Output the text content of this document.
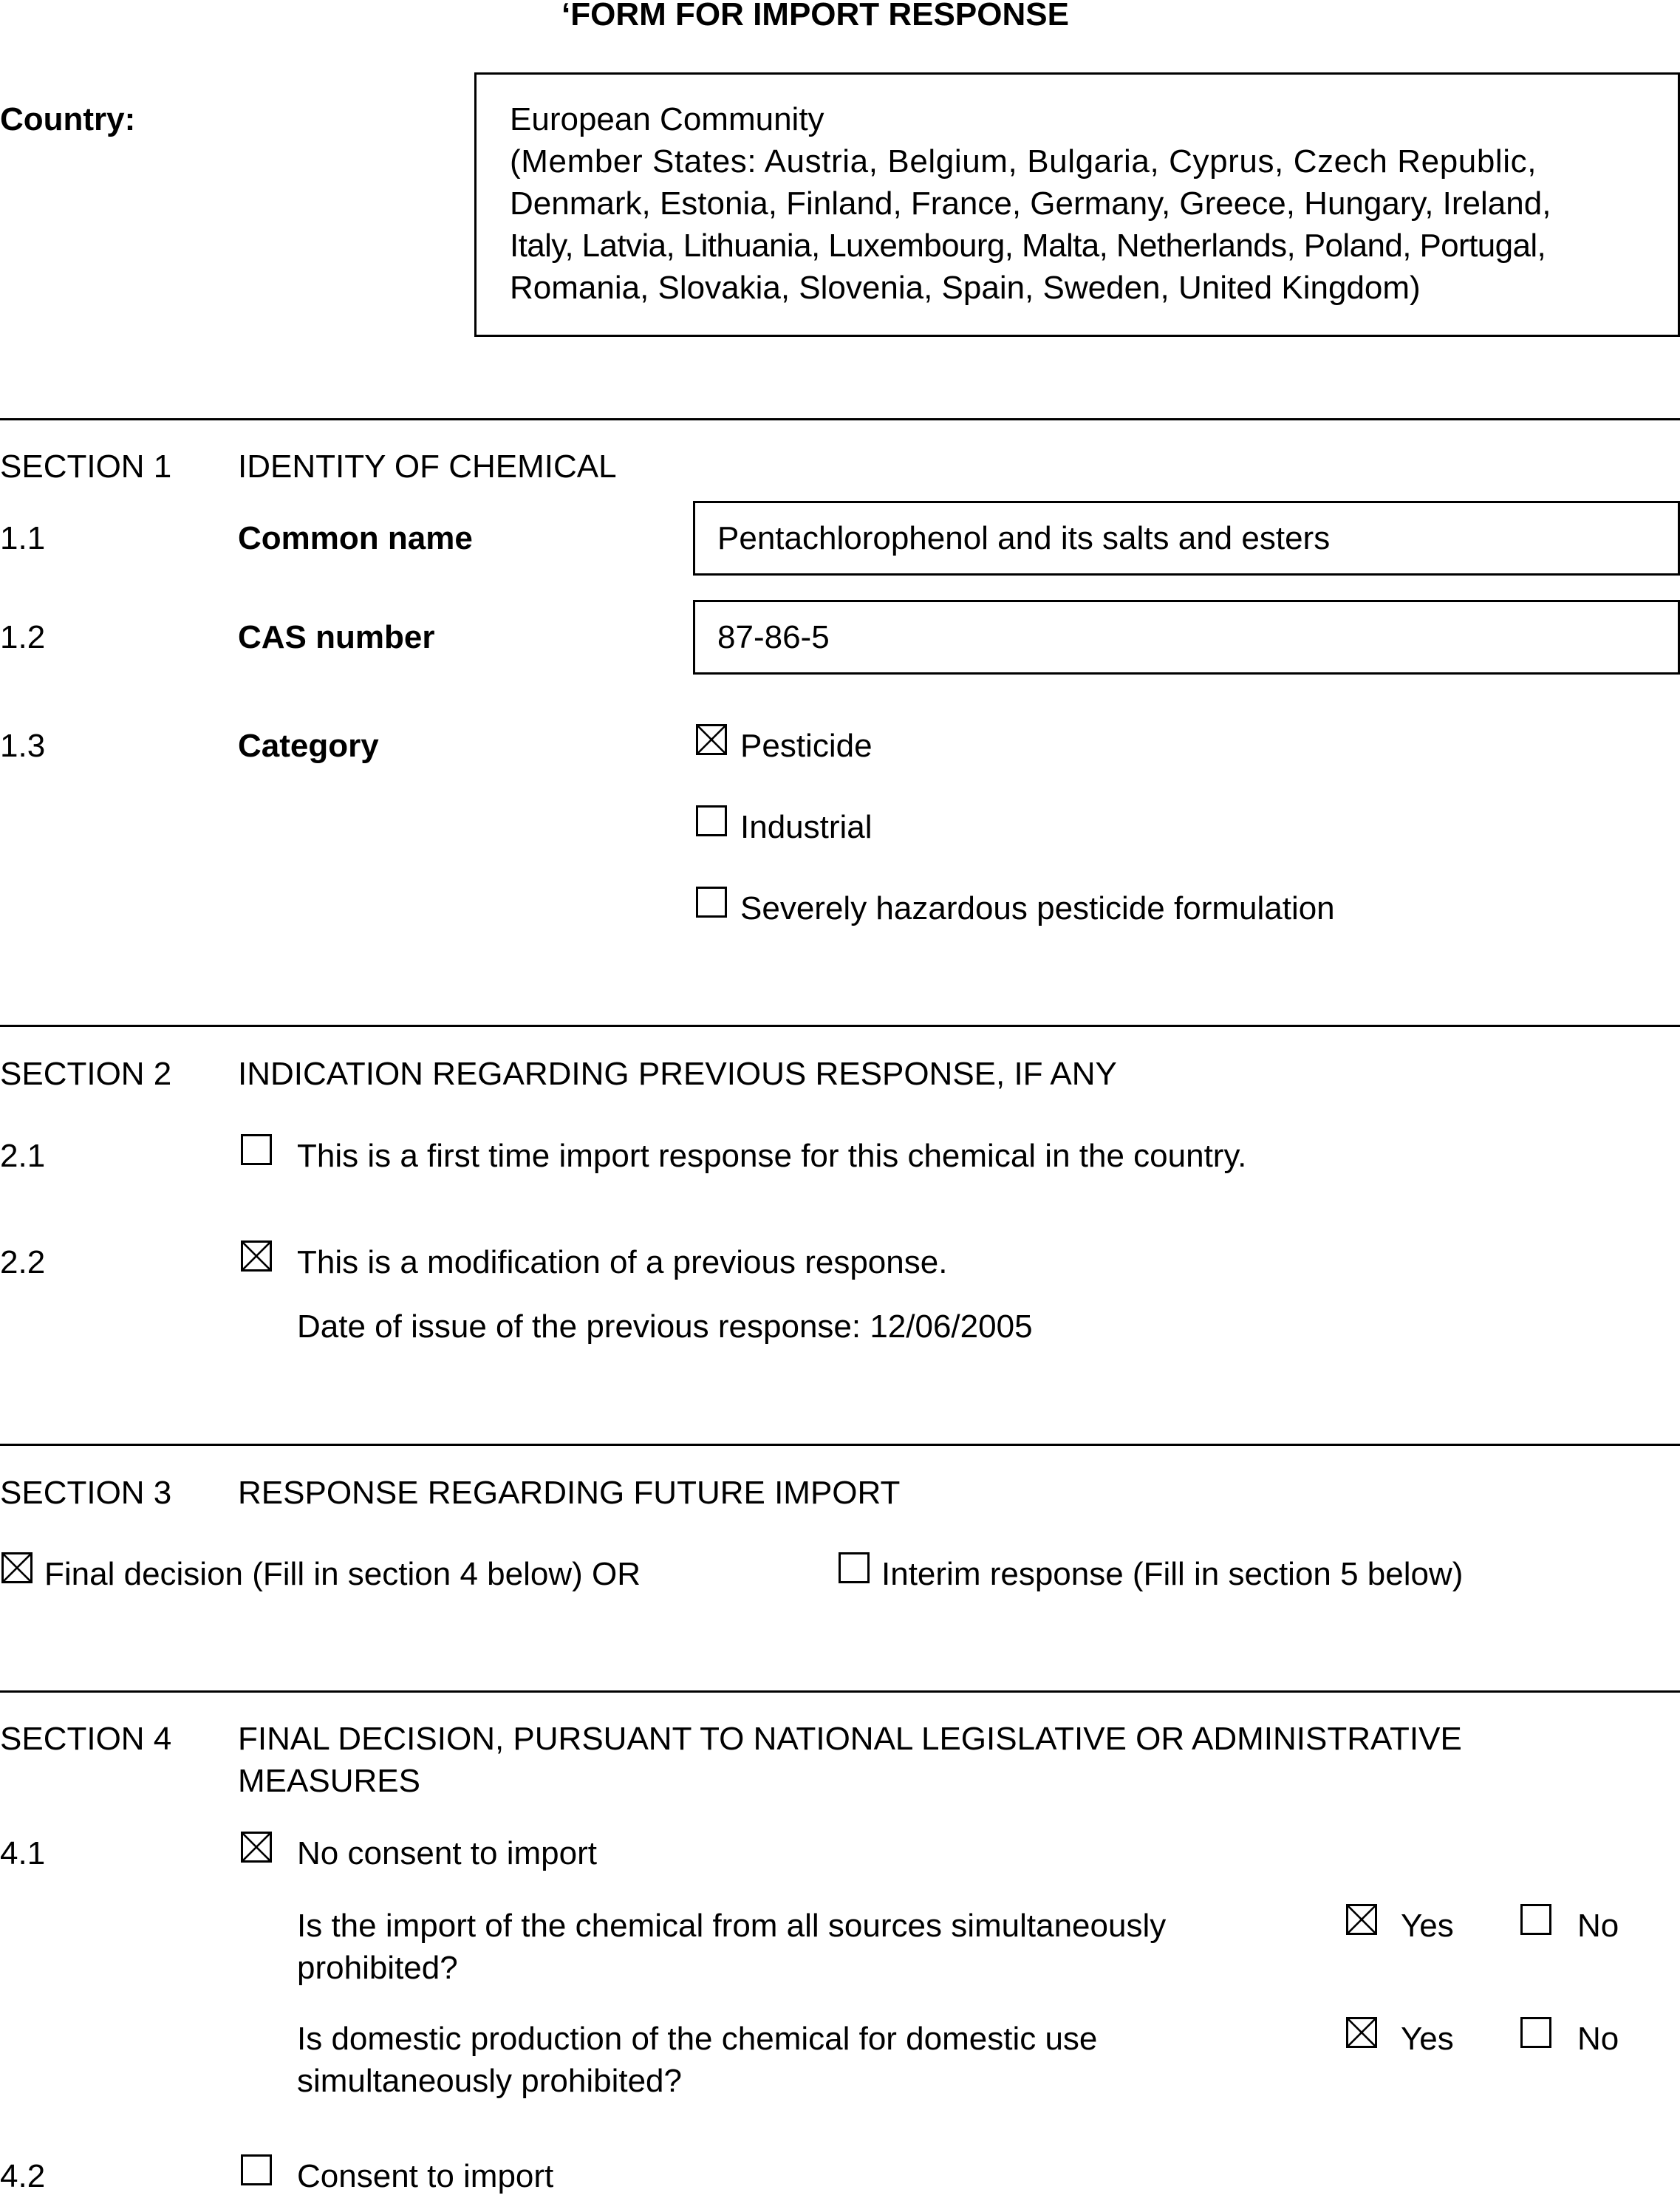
‘FORM FOR IMPORT RESPONSE
Country:	European Community
(Member States: Austria, Belgium, Bulgaria, Cyprus, Czech Republic,
Denmark, Estonia, Finland, France, Germany, Greece, Hungary, Ireland,
Italy, Latvia, Lithuania, Luxembourg, Malta, Netherlands, Poland, Portugal,
Romania, Slovakia, Slovenia, Spain, Sweden, United Kingdom)
SECTION 1 IDENTITY OF CHEMICAL
1.1	Common name	Pentachlorophenol and its salts and esters
1.2	CAS number	87-86-5
1.3	Category	Pesticide
Industrial
Severely hazardous pesticide formulation
SECTION 2 INDICATION REGARDING PREVIOUS RESPONSE, IF ANY
2.1	This is a first time import response for this chemical in the country.
2.2	This is a modification of a previous response.
Date of issue of the previous response: 12/06/2005
SECTION 3 RESPONSE REGARDING FUTURE IMPORT
Final decision (Fill in section 4 below) OR	Interim response (Fill in section 5 below)
SECTION 4 FINAL DECISION, PURSUANT TO NATIONAL LEGISLATIVE OR ADMINISTRATIVE
MEASURES
4.1	No consent to import
Is the import of the chemical from all sources simultaneously
prohibited?
Yes	No
Is domestic production of the chemical for domestic use
simultaneously prohibited?
Yes	No
4.2	Consent to import
